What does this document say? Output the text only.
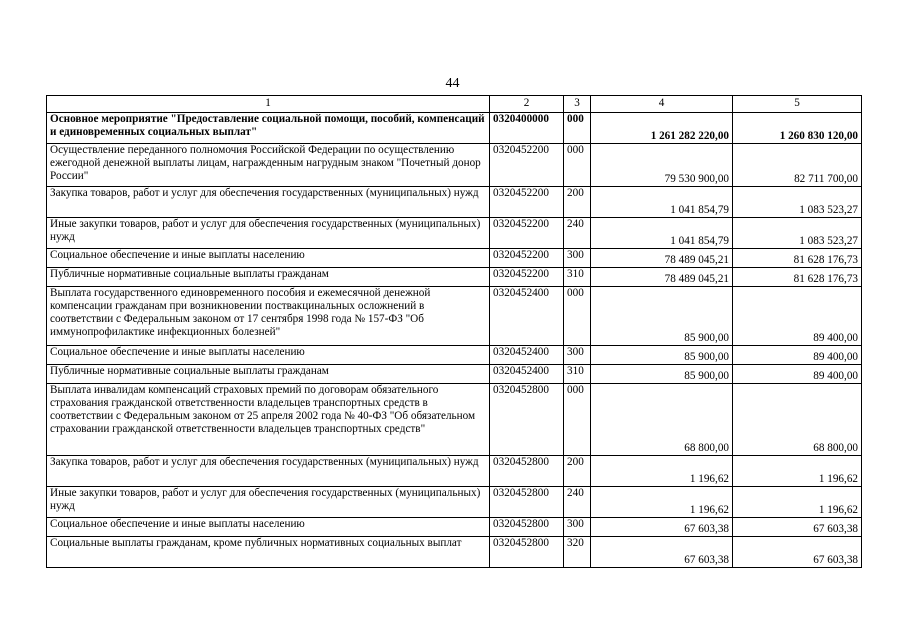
44
1	2	3	4	5
Основное мероприятие "Предоставление социальной помощи, пособий, компенсаций и единовременных социальных выплат"	0320400000	000	1 261 282 220,00	1 260 830 120,00
Осуществление переданного полномочия Российской Федерации по осуществлению ежегодной денежной выплаты лицам, награжденным нагрудным знаком "Почетный донор России"	0320452200	000	79 530 900,00	82 711 700,00
Закупка товаров, работ и услуг для обеспечения государственных (муниципальных) нужд	0320452200	200	1 041 854,79	1 083 523,27
Иные закупки товаров, работ и услуг для обеспечения государственных (муниципальных) нужд	0320452200	240	1 041 854,79	1 083 523,27
Социальное обеспечение и иные выплаты населению	0320452200	300	78 489 045,21	81 628 176,73
Публичные нормативные социальные выплаты гражданам	0320452200	310	78 489 045,21	81 628 176,73
Выплата государственного единовременного пособия и ежемесячной денежной компенсации гражданам при возникновении поствакцинальных осложнений в соответствии с Федеральным законом от 17 сентября 1998 года № 157-ФЗ "Об иммунопрофилактике инфекционных болезней"	0320452400	000	85 900,00	89 400,00
Социальное обеспечение и иные выплаты населению	0320452400	300	85 900,00	89 400,00
Публичные нормативные социальные выплаты гражданам	0320452400	310	85 900,00	89 400,00
Выплата инвалидам компенсаций страховых премий по договорам обязательного страхования гражданской ответственности владельцев транспортных средств в соответствии с Федеральным законом от 25 апреля 2002 года № 40-ФЗ "Об обязательном страховании гражданской ответственности владельцев транспортных средств"	0320452800	000	68 800,00	68 800,00
Закупка товаров, работ и услуг для обеспечения государственных (муниципальных) нужд	0320452800	200	1 196,62	1 196,62
Иные закупки товаров, работ и услуг для обеспечения государственных (муниципальных) нужд	0320452800	240	1 196,62	1 196,62
Социальное обеспечение и иные выплаты населению	0320452800	300	67 603,38	67 603,38
Социальные выплаты гражданам, кроме публичных нормативных социальных выплат	0320452800	320	67 603,38	67 603,38
